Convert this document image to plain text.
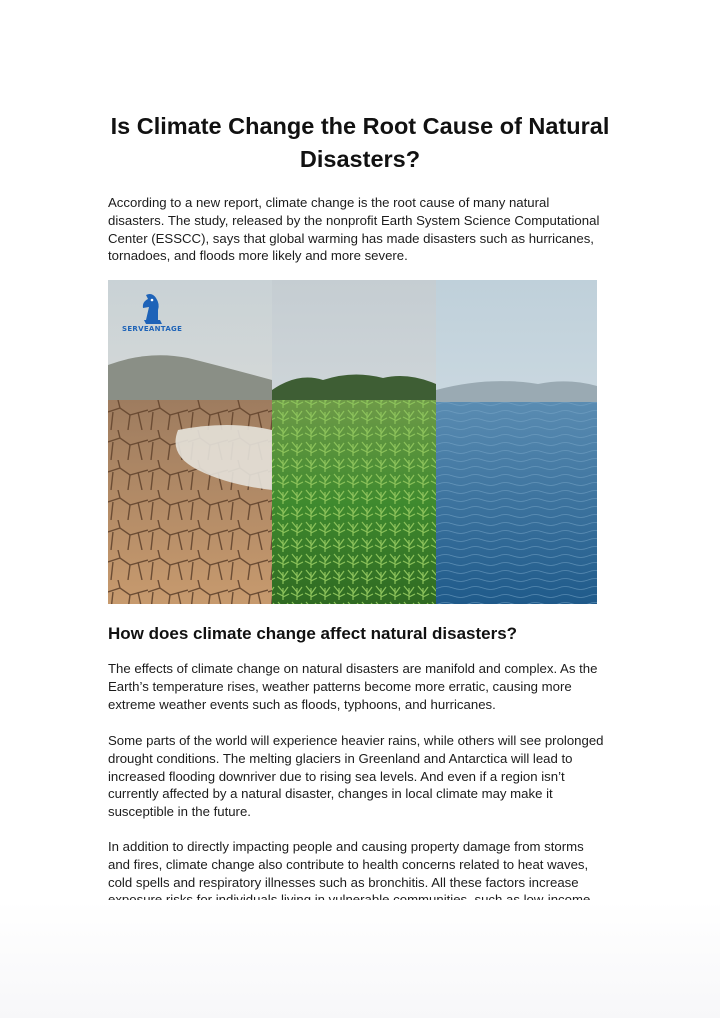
Is Climate Change the Root Cause of Natural Disasters?

According to a new report, climate change is the root cause of many natural disasters. The study, released by the nonprofit Earth System Science Computational Center (ESSCC), says that global warming has made disasters such as hurricanes, tornadoes, and floods more likely and more severe.

SERVEANTAGE
How does climate change affect natural disasters?

The effects of climate change on natural disasters are manifold and complex. As the Earth’s temperature rises, weather patterns become more erratic, causing more extreme weather events such as floods, typhoons, and hurricanes.

Some parts of the world will experience heavier rains, while others will see prolonged drought conditions. The melting glaciers in Greenland and Antarctica will lead to increased flooding downriver due to rising sea levels. And even if a region isn’t currently affected by a natural disaster, changes in local climate may make it susceptible in the future.

In addition to directly impacting people and causing property damage from storms and fires, climate change also contribute to health concerns related to heat waves, cold spells and respiratory illnesses such as bronchitis. All these factors increase
